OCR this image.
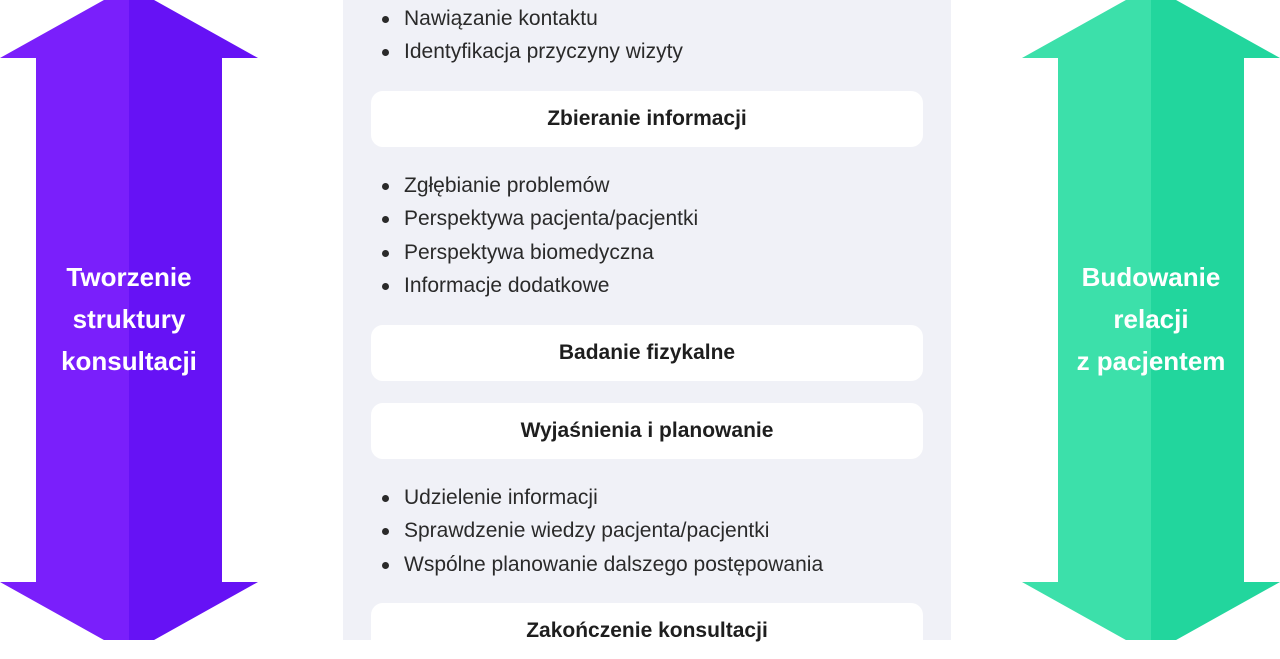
Tworzenie
struktury
konsultacji
Budowanie
relacji
z pacjentem
Nawiązanie kontaktu
Identyfikacja przyczyny wizyty
Zbieranie informacji
Zgłębianie problemów
Perspektywa pacjenta/pacjentki
Perspektywa biomedyczna
Informacje dodatkowe
Badanie fizykalne
Wyjaśnienia i planowanie
Udzielenie informacji
Sprawdzenie wiedzy pacjenta/pacjentki
Wspólne planowanie dalszego postępowania
Zakończenie konsultacji
